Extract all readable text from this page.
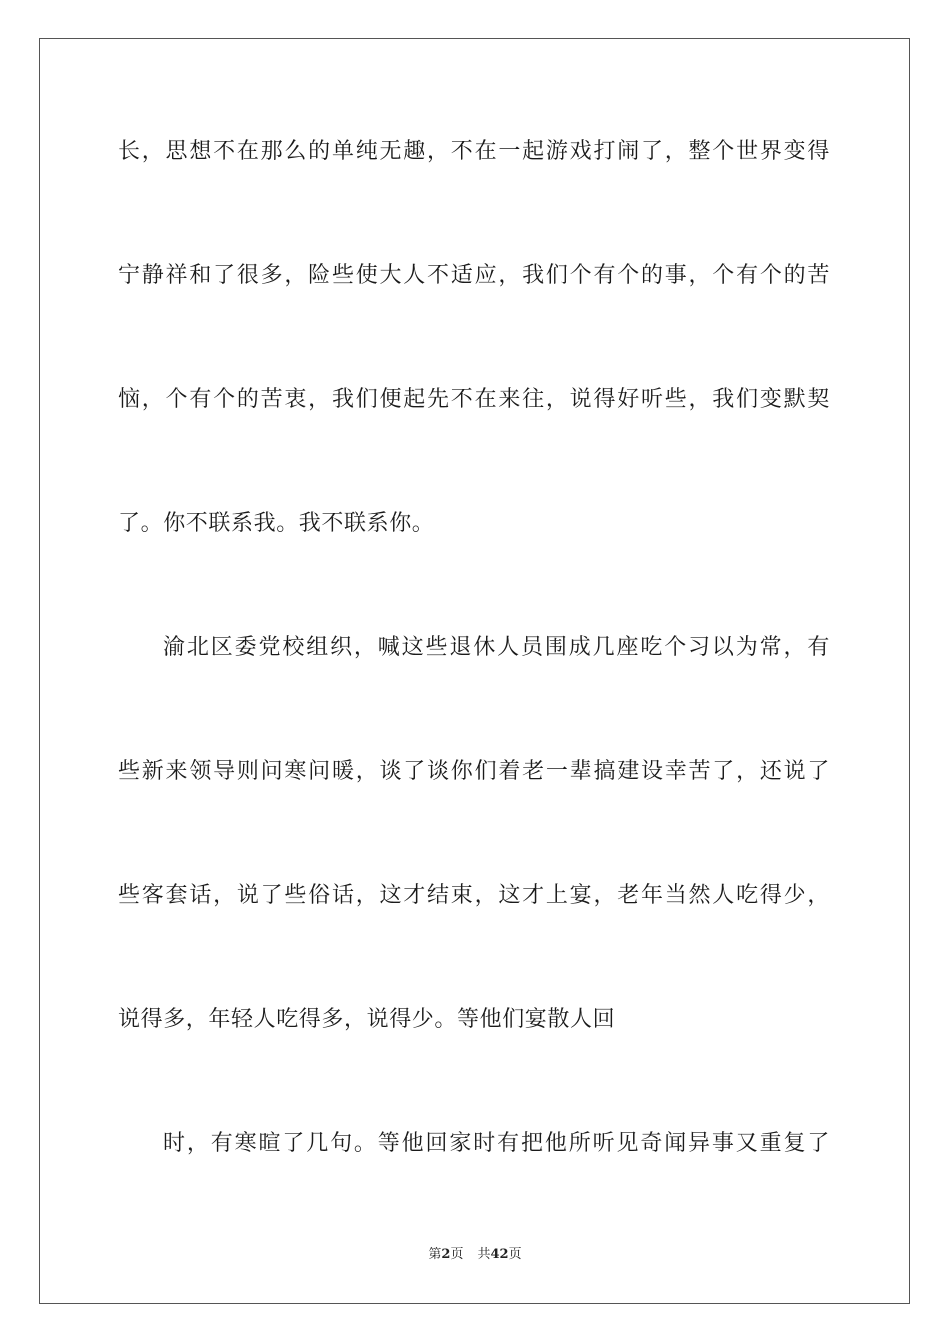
长，思想不在那么的单纯无趣，不在一起游戏打闹了，整个世界变得
宁静祥和了很多，险些使大人不适应，我们个有个的事，个有个的苦
恼，个有个的苦衷，我们便起先不在来往，说得好听些，我们变默契
了。你不联系我。我不联系你。
渝北区委党校组织，喊这些退休人员围成几座吃个习以为常，有
些新来领导则问寒问暖，谈了谈你们着老一辈搞建设幸苦了，还说了
些客套话，说了些俗话，这才结束，这才上宴，老年当然人吃得少，
说得多，年轻人吃得多，说得少。等他们宴散人回
时，有寒暄了几句。等他回家时有把他所听见奇闻异事又重复了
第2页 共42页
